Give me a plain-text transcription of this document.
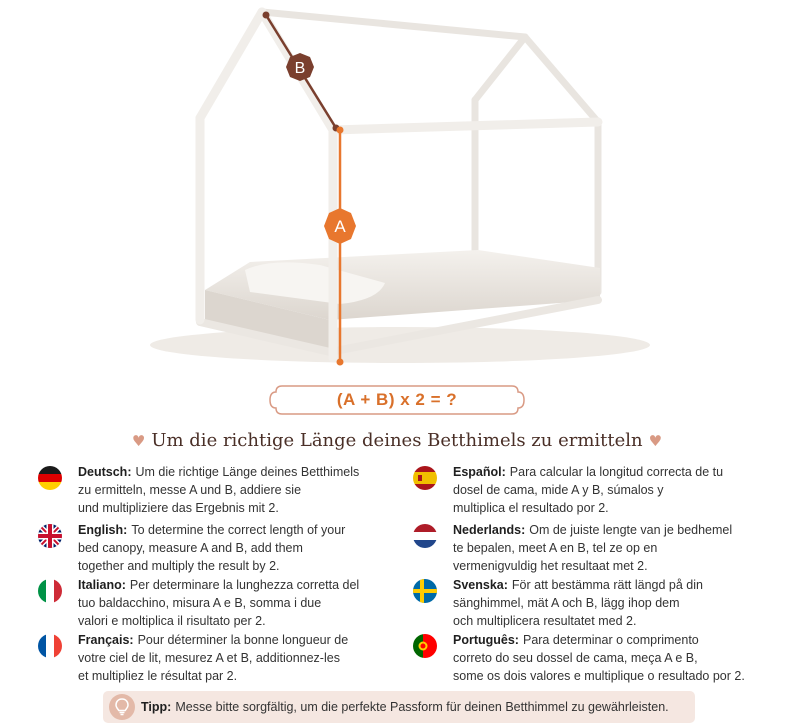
B
A
(A + B) x 2 = ?
♥ Um die richtige Länge deines Betthimels zu ermitteln ♥
Deutsch: Um die richtige Länge deines Betthimels
zu ermitteln, messe A und B, addiere sie
und multipliziere das Ergebnis mit 2.
English: To determine the correct length of your
bed canopy, measure A and B, add them
together and multiply the result by 2.
Italiano: Per determinare la lunghezza corretta del
tuo baldacchino, misura A e B, somma i due
valori e moltiplica il risultato per 2.
Français: Pour déterminer la bonne longueur de
votre ciel de lit, mesurez A et B, additionnez-les
et multipliez le résultat par 2.
Español: Para calcular la longitud correcta de tu
dosel de cama, mide A y B, súmalos y
multiplica el resultado por 2.
Nederlands: Om de juiste lengte van je bedhemel
te bepalen, meet A en B, tel ze op en
vermenigvuldig het resultaat met 2.
Svenska: För att bestämma rätt längd på din
sänghimmel, mät A och B, lägg ihop dem
och multiplicera resultatet med 2.
Português: Para determinar o comprimento
correto do seu dossel de cama, meça A e B,
some os dois valores e multiplique o resultado por 2.
Tipp: Messe bitte sorgfältig, um die perfekte Passform für deinen Betthimmel zu gewährleisten.
